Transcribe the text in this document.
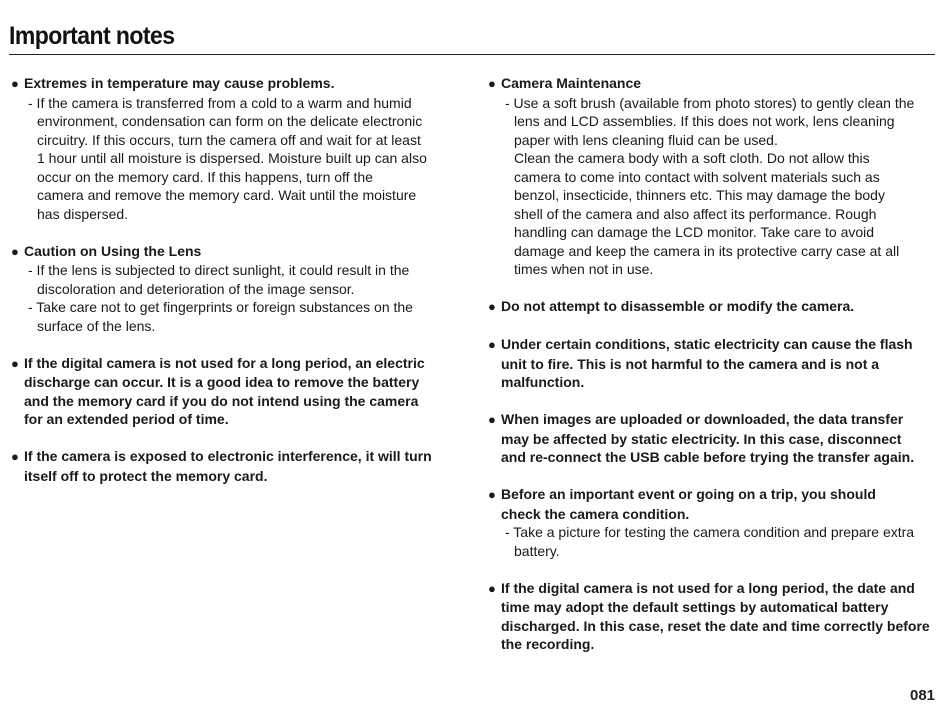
Important notes
● Extremes in temperature may cause problems.
- If the camera is transferred from a cold to a warm and humid
environment, condensation can form on the delicate electronic
circuitry. If this occurs, turn the camera off and wait for at least
1 hour until all moisture is dispersed. Moisture built up can also
occur on the memory card. If this happens, turn off the
camera and remove the memory card. Wait until the moisture
has dispersed.
● Caution on Using the Lens
- If the lens is subjected to direct sunlight, it could result in the
discoloration and deterioration of the image sensor.
- Take care not to get fingerprints or foreign substances on the
surface of the lens.
● If the digital camera is not used for a long period, an electric
discharge can occur. It is a good idea to remove the battery
and the memory card if you do not intend using the camera
for an extended period of time.
● If the camera is exposed to electronic interference, it will turn
itself off to protect the memory card.
● Camera Maintenance
- Use a soft brush (available from photo stores) to gently clean the
lens and LCD assemblies. If this does not work, lens cleaning
paper with lens cleaning fluid can be used.
Clean the camera body with a soft cloth. Do not allow this
camera to come into contact with solvent materials such as
benzol, insecticide, thinners etc. This may damage the body
shell of the camera and also affect its performance. Rough
handling can damage the LCD monitor. Take care to avoid
damage and keep the camera in its protective carry case at all
times when not in use.
● Do not attempt to disassemble or modify the camera.
● Under certain conditions, static electricity can cause the flash
unit to fire. This is not harmful to the camera and is not a
malfunction.
● When images are uploaded or downloaded, the data transfer
may be affected by static electricity. In this case, disconnect
and re-connect the USB cable before trying the transfer again.
● Before an important event or going on a trip, you should
check the camera condition.
- Take a picture for testing the camera condition and prepare extra
battery.
● If the digital camera is not used for a long period, the date and
time may adopt the default settings by automatical battery
discharged. In this case, reset the date and time correctly before
the recording.
081
